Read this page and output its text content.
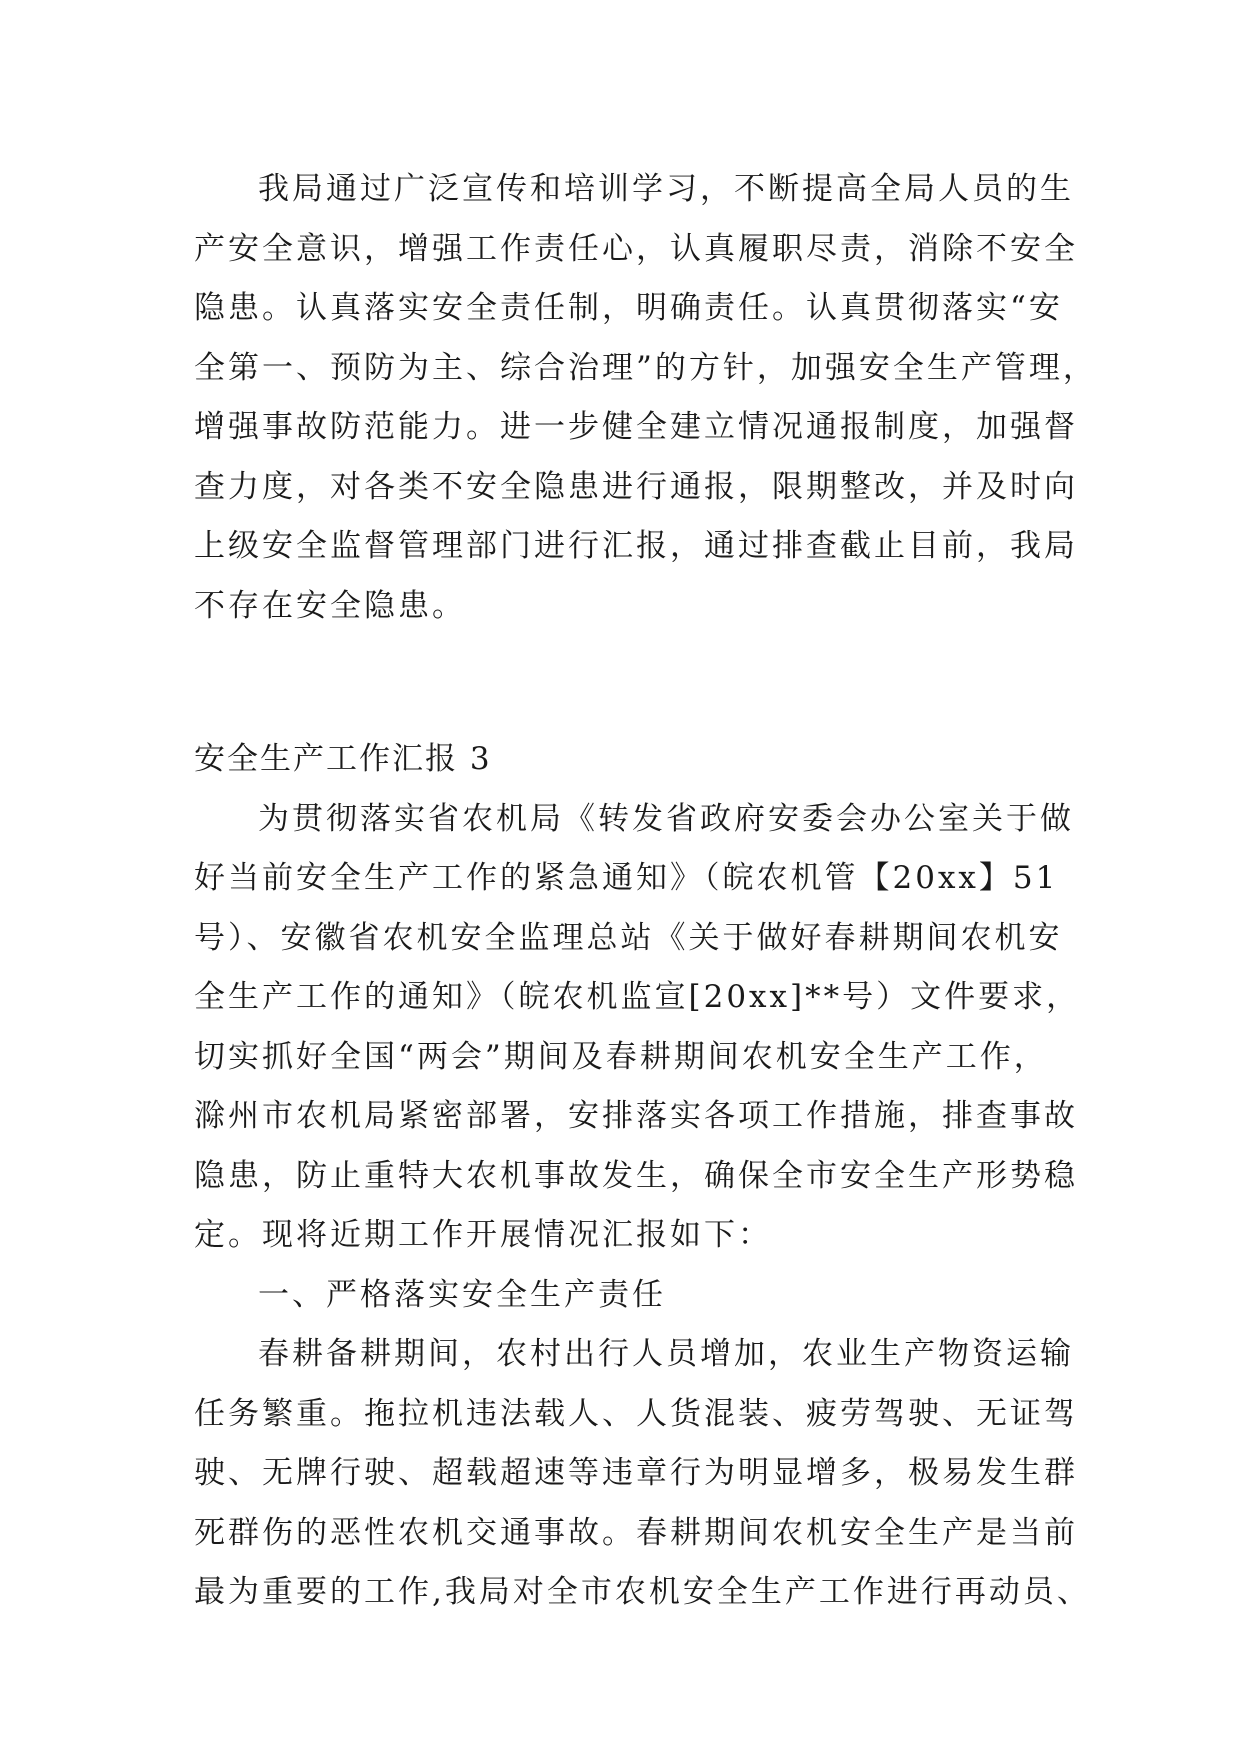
我局通过广泛宣传和培训学习，不断提高全局人员的生
产安全意识，增强工作责任心，认真履职尽责，消除不安全
隐患。认真落实安全责任制，明确责任。认真贯彻落实“安
全第一、预防为主、综合治理”的方针，加强安全生产管理，
增强事故防范能力。进一步健全建立情况通报制度，加强督
查力度，对各类不安全隐患进行通报，限期整改，并及时向
上级安全监督管理部门进行汇报，通过排查截止目前，我局
不存在安全隐患。
安全生产工作汇报 3
为贯彻落实省农机局《转发省政府安委会办公室关于做
好当前安全生产工作的紧急通知》（皖农机管【20xx】51
号）、安徽省农机安全监理总站《关于做好春耕期间农机安
全生产工作的通知》（皖农机监宣[20xx]**号）文件要求，
切实抓好全国“两会”期间及春耕期间农机安全生产工作，
滁州市农机局紧密部署，安排落实各项工作措施，排查事故
隐患，防止重特大农机事故发生，确保全市安全生产形势稳
定。现将近期工作开展情况汇报如下：
一、严格落实安全生产责任
春耕备耕期间，农村出行人员增加，农业生产物资运输
任务繁重。拖拉机违法载人、人货混装、疲劳驾驶、无证驾
驶、无牌行驶、超载超速等违章行为明显增多，极易发生群
死群伤的恶性农机交通事故。春耕期间农机安全生产是当前
最为重要的工作,我局对全市农机安全生产工作进行再动员、
